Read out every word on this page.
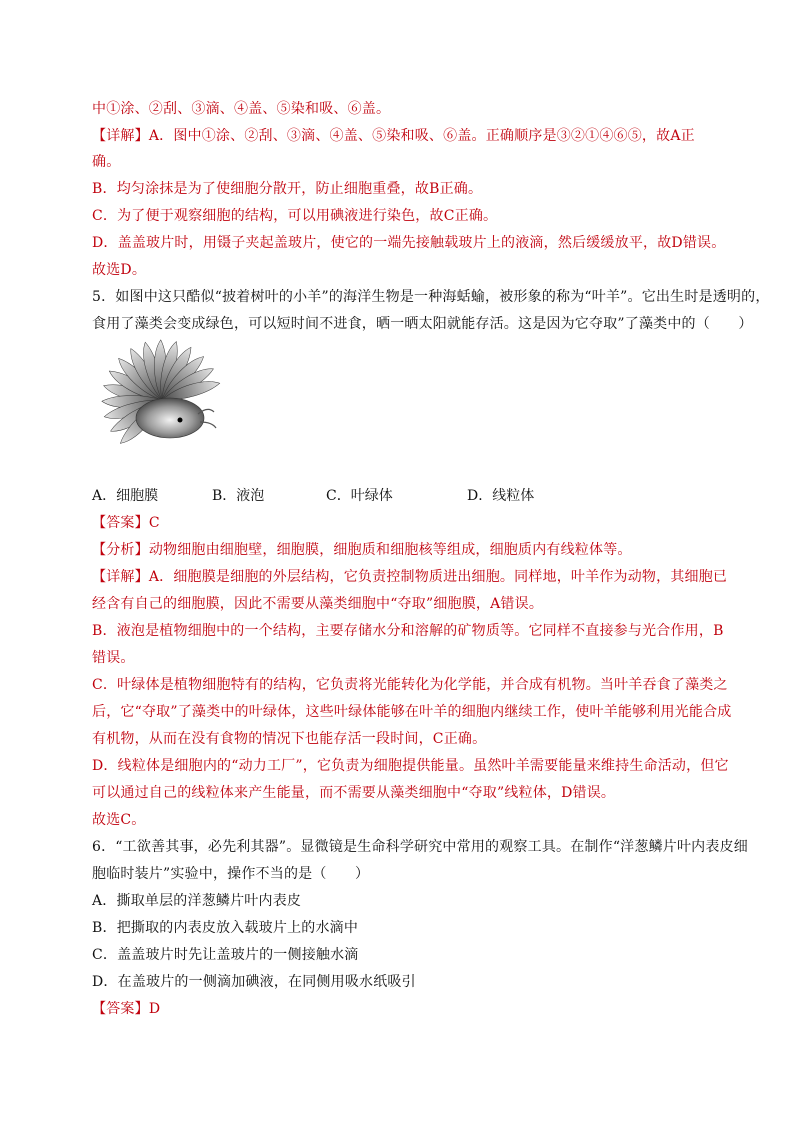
中①涂、②刮、③滴、④盖、⑤染和吸、⑥盖。
【详解】A．图中①涂、②刮、③滴、④盖、⑤染和吸、⑥盖。正确顺序是③②①④⑥⑤，故A正
确。
B．均匀涂抹是为了使细胞分散开，防止细胞重叠，故B正确。
C．为了便于观察细胞的结构，可以用碘液进行染色，故C正确。
D．盖盖玻片时，用镊子夹起盖玻片，使它的一端先接触载玻片上的液滴，然后缓缓放平，故D错误。
故选D。
5．如图中这只酷似“披着树叶的小羊”的海洋生物是一种海蛞蝓，被形象的称为“叶羊”。它出生时是透明的，
食用了藻类会变成绿色，可以短时间不进食，晒一晒太阳就能存活。这是因为它夺取”了藻类中的（　　）
A．细胞膜	B．液泡	C．叶绿体	D．线粒体
【答案】C
【分析】动物细胞由细胞壁，细胞膜，细胞质和细胞核等组成，细胞质内有线粒体等。
【详解】A．细胞膜是细胞的外层结构，它负责控制物质进出细胞。同样地，叶羊作为动物，其细胞已
经含有自己的细胞膜，因此不需要从藻类细胞中“夺取”细胞膜，A错误。
B．液泡是植物细胞中的一个结构，主要存储水分和溶解的矿物质等。它同样不直接参与光合作用，B
错误。
C．叶绿体是植物细胞特有的结构，它负责将光能转化为化学能，并合成有机物。当叶羊吞食了藻类之
后，它“夺取”了藻类中的叶绿体，这些叶绿体能够在叶羊的细胞内继续工作，使叶羊能够利用光能合成
有机物，从而在没有食物的情况下也能存活一段时间，C正确。
D．线粒体是细胞内的“动力工厂”，它负责为细胞提供能量。虽然叶羊需要能量来维持生命活动，但它
可以通过自己的线粒体来产生能量，而不需要从藻类细胞中“夺取”线粒体，D错误。
故选C。
6．“工欲善其事，必先利其器”。显微镜是生命科学研究中常用的观察工具。在制作“洋葱鳞片叶内表皮细
胞临时装片”实验中，操作不当的是（　　）
A．撕取单层的洋葱鳞片叶内表皮
B．把撕取的内表皮放入载玻片上的水滴中
C．盖盖玻片时先让盖玻片的一侧接触水滴
D．在盖玻片的一侧滴加碘液，在同侧用吸水纸吸引
【答案】D
